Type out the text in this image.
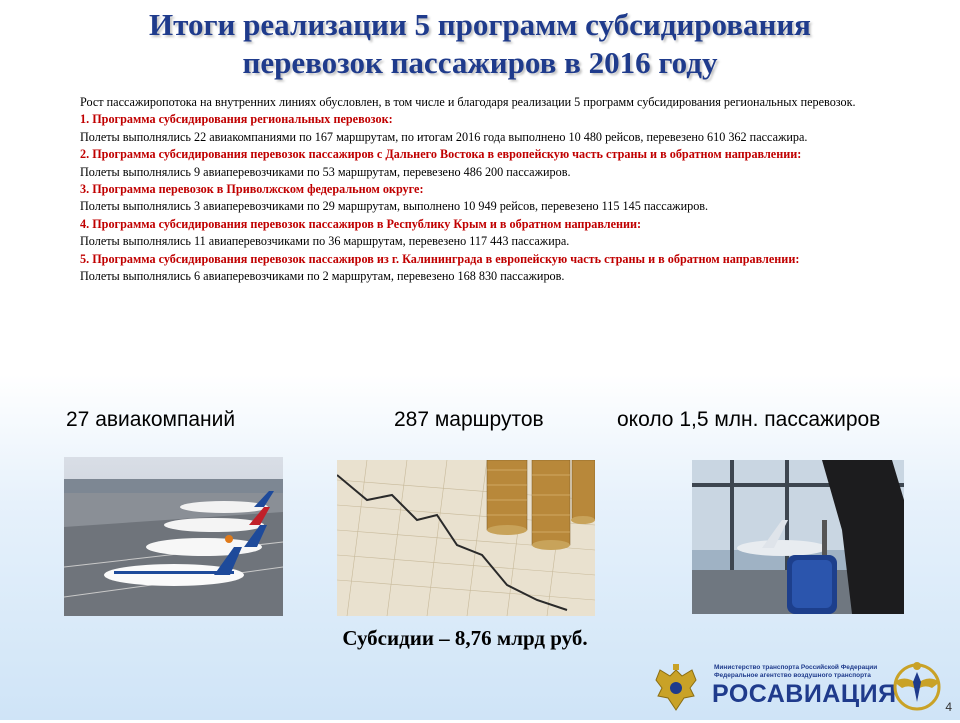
Итоги реализации 5 программ субсидирования
перевозок пассажиров в 2016 году

Рост пассажиропотока на внутренних линиях обусловлен, в том числе и благодаря реализации 5 программ субсидирования региональных перевозок.

1. Программа субсидирования региональных перевозок:

Полеты выполнялись 22 авиакомпаниями по 167 маршрутам, по итогам 2016 года выполнено 10 480 рейсов, перевезено 610 362 пассажира.

2. Программа субсидирования перевозок пассажиров с Дальнего Востока в европейскую часть страны и в обратном направлении:

Полеты выполнялись 9 авиаперевозчиками по 53 маршрутам, перевезено 486 200 пассажиров.

3. Программа перевозок в Приволжском федеральном округе:

Полеты выполнялись 3 авиаперевозчиками по 29 маршрутам, выполнено 10 949 рейсов, перевезено 115 145 пассажиров.

4. Программа субсидирования перевозок пассажиров в Республику Крым и в обратном направлении:

Полеты выполнялись 11 авиаперевозчиками по 36 маршрутам, перевезено 117 443 пассажира.

5. Программа субсидирования перевозок пассажиров из г. Калининграда в европейскую часть страны и в обратном направлении:

Полеты выполнялись 6 авиаперевозчиками по 2 маршрутам, перевезено 168 830 пассажиров.

27 авиакомпаний	287 маршрутов	около 1,5 млн. пассажиров
Субсидии – 8,76 млрд руб.
Министерство транспорта Российской Федерации
Федеральное агентство воздушного транспорта
РОСАВИАЦИЯ	4
